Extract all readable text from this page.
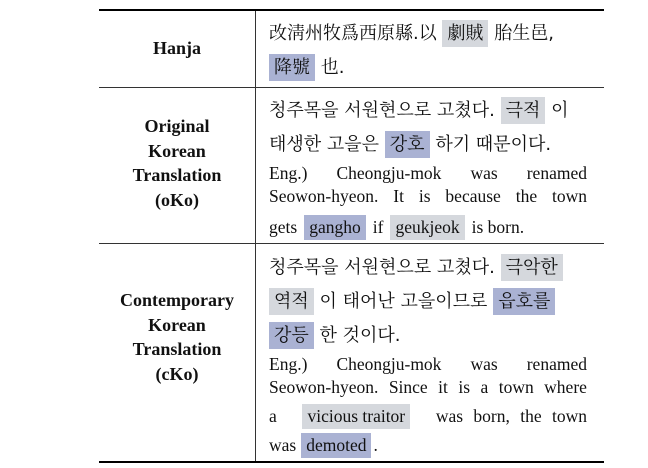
Hanja
改淸州牧爲西原縣.以 劇賊 胎生邑,
降號 也.
Original
Korean
Translation
(oKo)
청주목을 서원현으로 고쳤다. 극적 이
태생한 고을은 강호 하기 때문이다.
Eng.) Cheongju-mok was renamed
Seowon-hyeon. It is because the town
gets gangho if geukjeok is born.
Contemporary
Korean
Translation
(cKo)
청주목을 서원현으로 고쳤다. 극악한
역적 이 태어난 고을이므로 읍호를
강등 한 것이다.
Eng.) Cheongju-mok was renamed
Seowon-hyeon. Since it is a town where
a vicious traitor was born, the town
was demoted .
